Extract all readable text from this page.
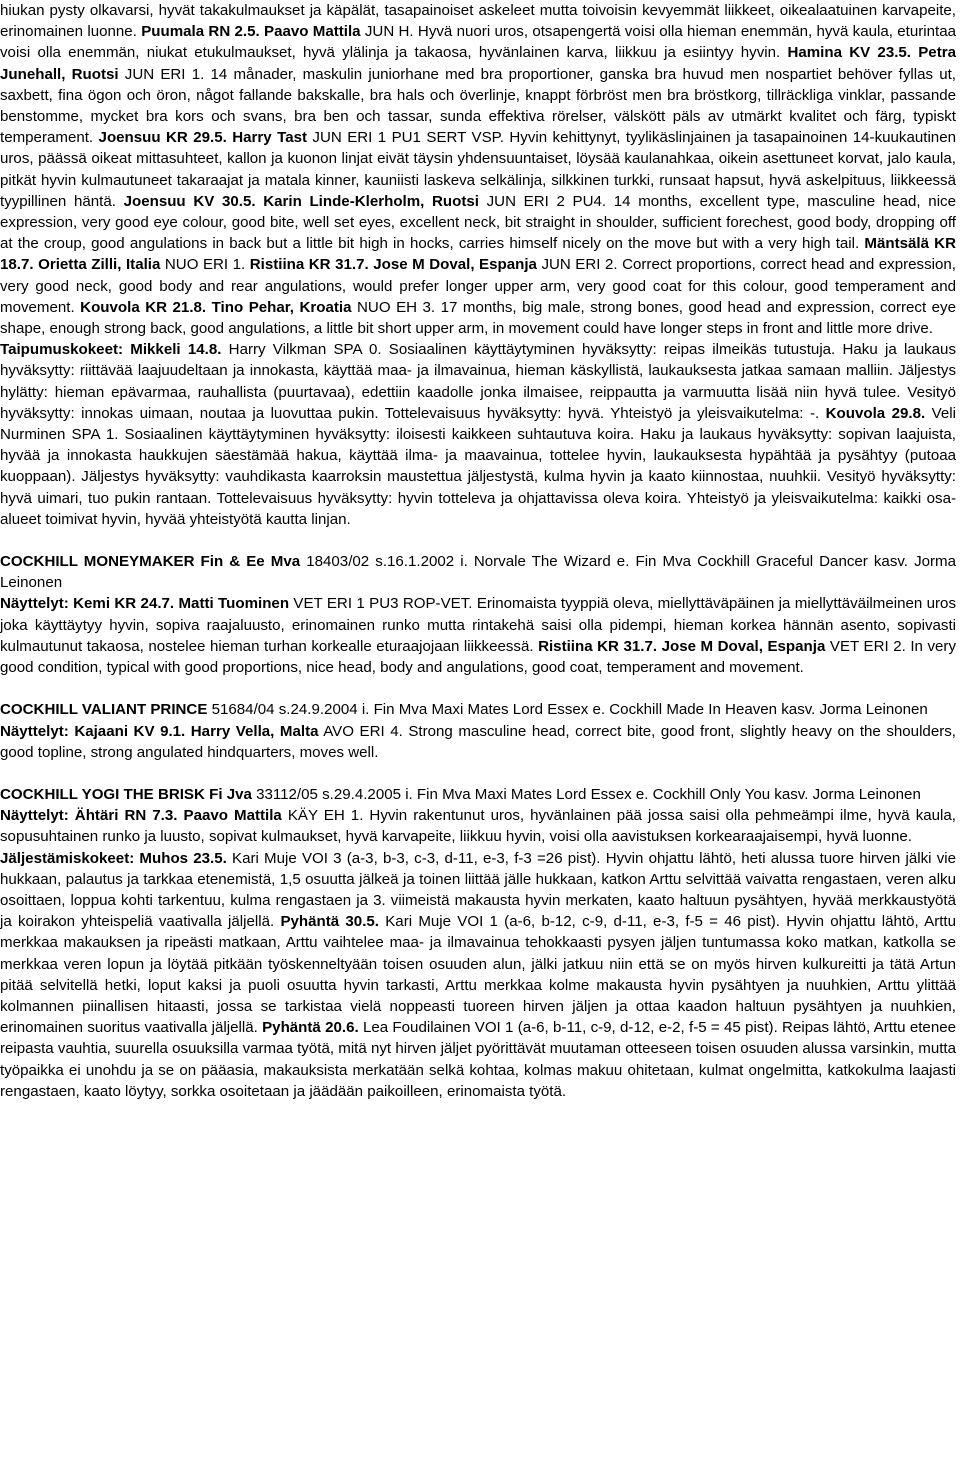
hiukan pysty olkavarsi, hyvät takakulmaukset ja käpälät, tasapainoiset askeleet mutta toivoisin kevyemmät liikkeet, oikealaatuinen karvapeite, erinomainen luonne. Puumala RN 2.5. Paavo Mattila JUN H. Hyvä nuori uros, otsapengertä voisi olla hieman enemmän, hyvä kaula, eturintaa voisi olla enemmän, niukat etukulmaukset, hyvä ylälinja ja takaosa, hyvänlainen karva, liikkuu ja esiintyy hyvin. Hamina KV 23.5. Petra Junehall, Ruotsi JUN ERI 1. 14 månader, maskulin juniorhane med bra proportioner, ganska bra huvud men nospartiet behöver fyllas ut, saxbett, fina ögon och öron, något fallande bakskalle, bra hals och överlinje, knappt förbröst men bra bröstkorg, tillräckliga vinklar, passande benstomme, mycket bra kors och svans, bra ben och tassar, sunda effektiva rörelser, välskött päls av utmärkt kvalitet och färg, typiskt temperament. Joensuu KR 29.5. Harry Tast JUN ERI 1 PU1 SERT VSP. Hyvin kehittynyt, tyylikäslinjainen ja tasapainoinen 14-kuukautinen uros, päässä oikeat mittasuhteet, kallon ja kuonon linjat eivät täysin yhdensuuntaiset, löysää kaulanahkaa, oikein asettuneet korvat, jalo kaula, pitkät hyvin kulmautuneet takaraajat ja matala kinner, kauniisti laskeva selkälinja, silkkinen turkki, runsaat hapsut, hyvä askelpituus, liikkeessä tyypillinen häntä. Joensuu KV 30.5. Karin Linde-Klerholm, Ruotsi JUN ERI 2 PU4. 14 months, excellent type, masculine head, nice expression, very good eye colour, good bite, well set eyes, excellent neck, bit straight in shoulder, sufficient forechest, good body, dropping off at the croup, good angulations in back but a little bit high in hocks, carries himself nicely on the move but with a very high tail. Mäntsälä KR 18.7. Orietta Zilli, Italia NUO ERI 1. Ristiina KR 31.7. Jose M Doval, Espanja JUN ERI 2. Correct proportions, correct head and expression, very good neck, good body and rear angulations, would prefer longer upper arm, very good coat for this colour, good temperament and movement. Kouvola KR 21.8. Tino Pehar, Kroatia NUO EH 3. 17 months, big male, strong bones, good head and expression, correct eye shape, enough strong back, good angulations, a little bit short upper arm, in movement could have longer steps in front and little more drive.

Taipumuskokeet: Mikkeli 14.8. Harry Vilkman SPA 0. Sosiaalinen käyttäytyminen hyväksytty: reipas ilmeikäs tutustuja. Haku ja laukaus hyväksytty: riittävää laajuudeltaan ja innokasta, käyttää maa- ja ilmavainua, hieman käskyllistä, laukauksesta jatkaa samaan malliin. Jäljestys hylätty: hieman epävarmaa, rauhallista (puurtavaa), edettiin kaadolle jonka ilmaisee, reippautta ja varmuutta lisää niin hyvä tulee. Vesityö hyväksytty: innokas uimaan, noutaa ja luovuttaa pukin. Tottelevaisuus hyväksytty: hyvä. Yhteistyö ja yleisvaikutelma: -. Kouvola 29.8. Veli Nurminen SPA 1. Sosiaalinen käyttäytyminen hyväksytty: iloisesti kaikkeen suhtautuva koira. Haku ja laukaus hyväksytty: sopivan laajuista, hyvää ja innokasta haukkujen säestämää hakua, käyttää ilma- ja maavainua, tottelee hyvin, laukauksesta hypähtää ja pysähtyy (putoaa kuoppaan). Jäljestys hyväksytty: vauhdikasta kaarroksin maustettua jäljestystä, kulma hyvin ja kaato kiinnostaa, nuuhkii. Vesityö hyväksytty: hyvä uimari, tuo pukin rantaan. Tottelevaisuus hyväksytty: hyvin totteleva ja ohjattavissa oleva koira. Yhteistyö ja yleisvaikutelma: kaikki osa-alueet toimivat hyvin, hyvää yhteistyötä kautta linjan.

COCKHILL MONEYMAKER Fin & Ee Mva 18403/02 s.16.1.2002 i. Norvale The Wizard e. Fin Mva Cockhill Graceful Dancer kasv. Jorma Leinonen

Näyttelyt: Kemi KR 24.7. Matti Tuominen VET ERI 1 PU3 ROP-VET. Erinomaista tyyppiä oleva, miellyttäväpäinen ja miellyttäväilmeinen uros joka käyttäytyy hyvin, sopiva raajaluusto, erinomainen runko mutta rintakehä saisi olla pidempi, hieman korkea hännän asento, sopivasti kulmautunut takaosa, nostelee hieman turhan korkealle eturaajojaan liikkeessä. Ristiina KR 31.7. Jose M Doval, Espanja VET ERI 2. In very good condition, typical with good proportions, nice head, body and angulations, good coat, temperament and movement.

COCKHILL VALIANT PRINCE 51684/04 s.24.9.2004 i. Fin Mva Maxi Mates Lord Essex e. Cockhill Made In Heaven kasv. Jorma Leinonen

Näyttelyt: Kajaani KV 9.1. Harry Vella, Malta AVO ERI 4. Strong masculine head, correct bite, good front, slightly heavy on the shoulders, good topline, strong angulated hindquarters, moves well.

COCKHILL YOGI THE BRISK Fi Jva 33112/05 s.29.4.2005 i. Fin Mva Maxi Mates Lord Essex e. Cockhill Only You kasv. Jorma Leinonen

Näyttelyt: Ähtäri RN 7.3. Paavo Mattila KÄY EH 1. Hyvin rakentunut uros, hyvänlainen pää jossa saisi olla pehmeämpi ilme, hyvä kaula, sopusuhtainen runko ja luusto, sopivat kulmaukset, hyvä karvapeite, liikkuu hyvin, voisi olla aavistuksen korkearaajaisempi, hyvä luonne.

Jäljestämiskokeet: Muhos 23.5. Kari Muje VOI 3 (a-3, b-3, c-3, d-11, e-3, f-3 =26 pist). Hyvin ohjattu lähtö, heti alussa tuore hirven jälki vie hukkaan, palautus ja tarkkaa etenemistä, 1,5 osuutta jälkeä ja toinen liittää jälle hukkaan, katkon Arttu selvittää vaivatta rengastaen, veren alku osoittaen, loppua kohti tarkentuu, kulma rengastaen ja 3. viimeistä makausta hyvin merkaten, kaato haltuun pysähtyen, hyvää merkkaustyötä ja koirakon yhteispeliä vaativalla jäljellä. Pyhäntä 30.5. Kari Muje VOI 1 (a-6, b-12, c-9, d-11, e-3, f-5 = 46 pist). Hyvin ohjattu lähtö, Arttu merkkaa makauksen ja ripeästi matkaan, Arttu vaihtelee maa- ja ilmavainua tehokkaasti pysyen jäljen tuntumassa koko matkan, katkolla se merkkaa veren lopun ja löytää pitkään työskenneltyään toisen osuuden alun, jälki jatkuu niin että se on myös hirven kulkureitti ja tätä Artun pitää selvitellä hetki, loput kaksi ja puoli osuutta hyvin tarkasti, Arttu merkkaa kolme makausta hyvin pysähtyen ja nuuhkien, Arttu ylittää kolmannen piinallisen hitaasti, jossa se tarkistaa vielä noppeasti tuoreen hirven jäljen ja ottaa kaadon haltuun pysähtyen ja nuuhkien, erinomainen suoritus vaativalla jäljellä. Pyhäntä 20.6. Lea Foudilainen VOI 1 (a-6, b-11, c-9, d-12, e-2, f-5 = 45 pist). Reipas lähtö, Arttu etenee reipasta vauhtia, suurella osuuksilla varmaa työtä, mitä nyt hirven jäljet pyörittävät muutaman otteeseen toisen osuuden alussa varsinkin, mutta työpaikka ei unohdu ja se on pääasia, makauksista merkatään selkä kohtaa, kolmas makuu ohitetaan, kulmat ongelmitta, katkokulma laajasti rengastaen, kaato löytyy, sorkka osoitetaan ja jäädään paikoilleen, erinomaista työtä.
